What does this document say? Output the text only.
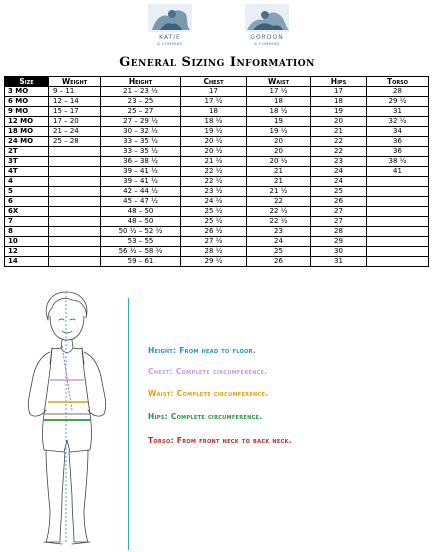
KATIE
& COMPANY
GORDON
& COMPANY
General Sizing Information
Size	Weight	Height	Chest	Waist	Hips	Torso
3 MO	9 – 11	21 – 23 ½	17	17 ½	17	28
6 MO	12 – 14	23 – 25	17 ½	18	18	29 ½
9 MO	15 – 17	25 – 27	18	18 ½	19	31
12 MO	17 – 20	27 – 29 ½	18 ½	19	20	32 ½
18 MO	21 – 24	30 – 32 ½	19 ½	19 ½	21	34
24 MO	25 – 28	33 – 35 ½	20 ½	20	22	36
2T		33 – 35 ½	20 ½	20	22	36
3T		36 – 38 ½	21 ½	20 ½	23	38 ½
4T		39 – 41 ½	22 ½	21	24	41
4		39 – 41 ½	22 ½	21	24	
5		42 – 44 ½	23 ½	21 ½	25	
6		45 – 47 ½	24 ½	22	26	
6X		48 – 50	25 ½	22 ½	27	
7		48 – 50	25 ½	22 ½	27	
8		50 ½ – 52 ½	26 ½	23	28	
10		53 – 55	27 ½	24	29	
12		56 ½ – 58 ½	28 ½	25	30	
14		59 – 61	29 ½	26	31	
Height: From head to floor.
Chest: Complete circumference.
Waist: Complete circumference.
Hips: Complete circumference.
Torso: From front neck to back neck.
